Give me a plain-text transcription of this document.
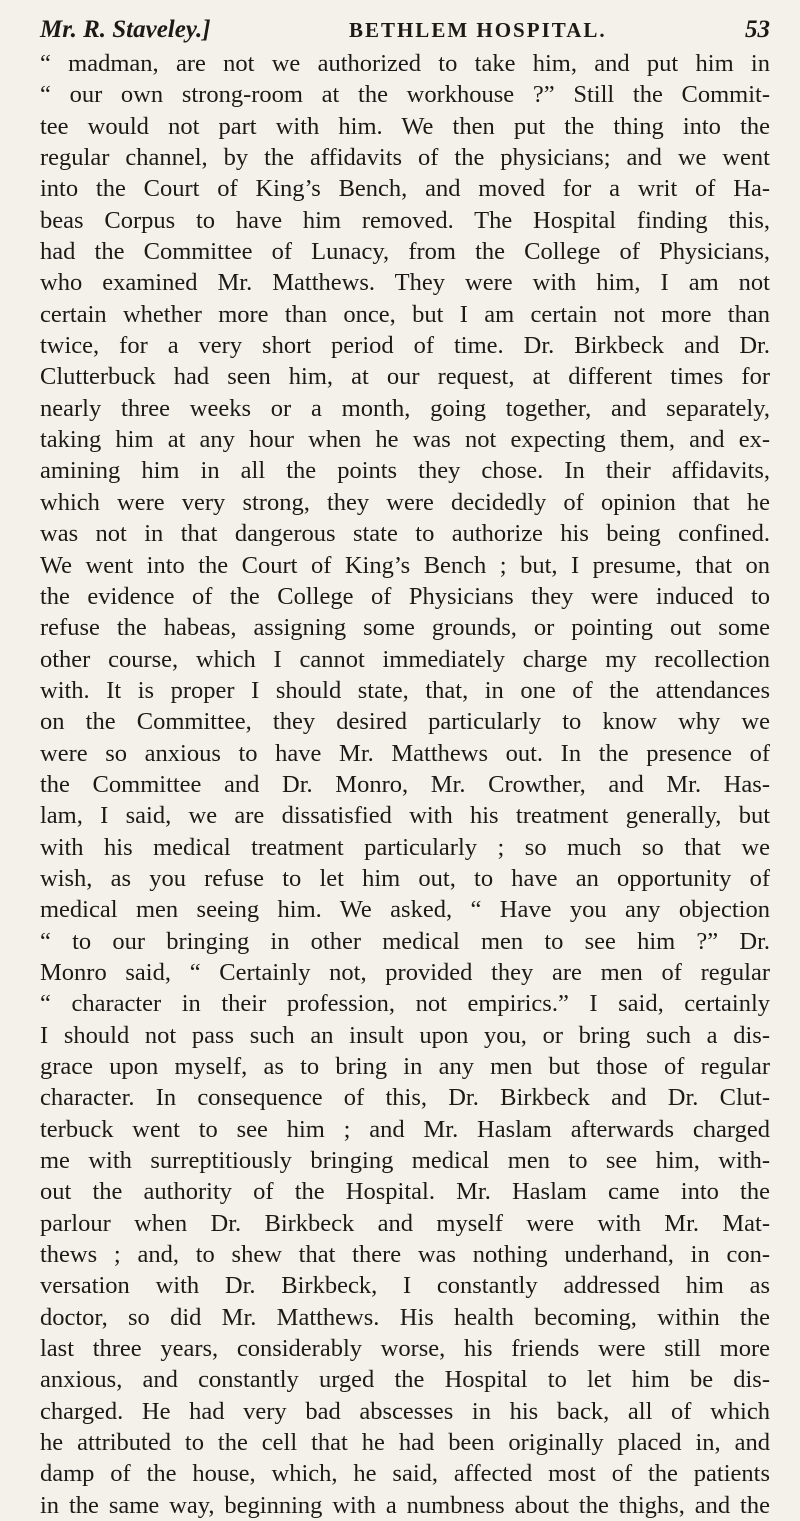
Mr. R. Staveley.]	BETHLEM HOSPITAL.	53
“ madman, are not we authorized to take him, and put him in
“ our own strong-room at the workhouse ?” Still the Commit-
tee would not part with him. We then put the thing into the
regular channel, by the affidavits of the physicians; and we went
into the Court of King’s Bench, and moved for a writ of Ha-
beas Corpus to have him removed. The Hospital finding this,
had the Committee of Lunacy, from the College of Physicians,
who examined Mr. Matthews. They were with him, I am not
certain whether more than once, but I am certain not more than
twice, for a very short period of time. Dr. Birkbeck and Dr.
Clutterbuck had seen him, at our request, at different times for
nearly three weeks or a month, going together, and separately,
taking him at any hour when he was not expecting them, and ex-
amining him in all the points they chose. In their affidavits,
which were very strong, they were decidedly of opinion that he
was not in that dangerous state to authorize his being confined.
We went into the Court of King’s Bench ; but, I presume, that on
the evidence of the College of Physicians they were induced to
refuse the habeas, assigning some grounds, or pointing out some
other course, which I cannot immediately charge my recollection
with. It is proper I should state, that, in one of the attendances
on the Committee, they desired particularly to know why we
were so anxious to have Mr. Matthews out. In the presence of
the Committee and Dr. Monro, Mr. Crowther, and Mr. Has-
lam, I said, we are dissatisfied with his treatment generally, but
with his medical treatment particularly ; so much so that we
wish, as you refuse to let him out, to have an opportunity of
medical men seeing him. We asked, “ Have you any objection
“ to our bringing in other medical men to see him ?” Dr.
Monro said, “ Certainly not, provided they are men of regular
“ character in their profession, not empirics.” I said, certainly
I should not pass such an insult upon you, or bring such a dis-
grace upon myself, as to bring in any men but those of regular
character. In consequence of this, Dr. Birkbeck and Dr. Clut-
terbuck went to see him ; and Mr. Haslam afterwards charged
me with surreptitiously bringing medical men to see him, with-
out the authority of the Hospital. Mr. Haslam came into the
parlour when Dr. Birkbeck and myself were with Mr. Mat-
thews ; and, to shew that there was nothing underhand, in con-
versation with Dr. Birkbeck, I constantly addressed him as
doctor, so did Mr. Matthews. His health becoming, within the
last three years, considerably worse, his friends were still more
anxious, and constantly urged the Hospital to let him be dis-
charged. He had very bad abscesses in his back, all of which
he attributed to the cell that he had been originally placed in, and
damp of the house, which, he said, affected most of the patients
in the same way, beginning with a numbness about the thighs, and the
